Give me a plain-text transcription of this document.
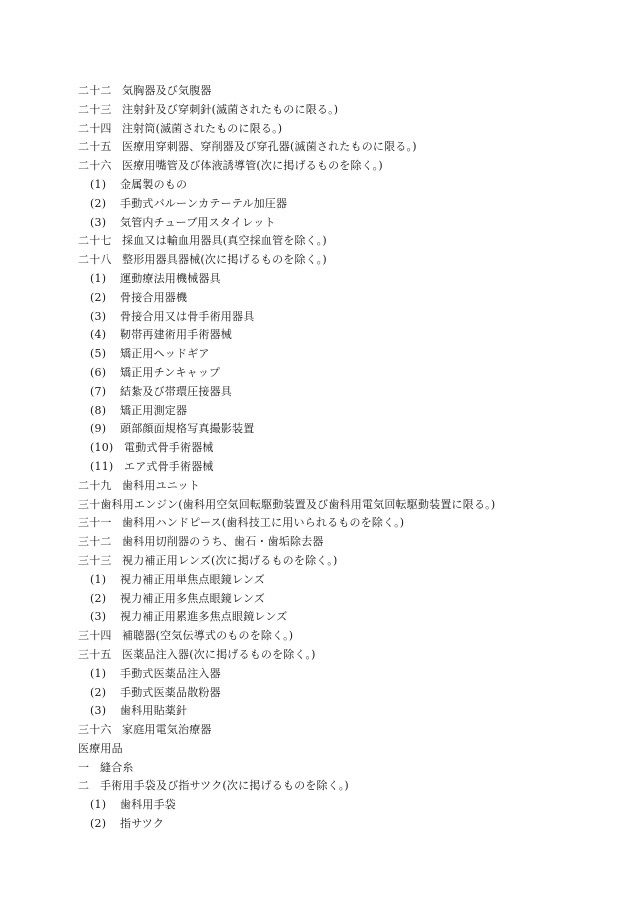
二十二 気胸器及び気腹器
二十三 注射針及び穿刺針(滅菌されたものに限る。)
二十四 注射筒(滅菌されたものに限る。)
二十五 医療用穿刺器、穿削器及び穿孔器(滅菌されたものに限る。)
二十六 医療用嘴管及び体液誘導管(次に掲げるものを除く。)
(1) 金属製のもの
(2) 手動式バルーンカテーテル加圧器
(3) 気管内チューブ用スタイレット
二十七 採血又は輸血用器具(真空採血管を除く。)
二十八 整形用器具器械(次に掲げるものを除く。)
(1) 運動療法用機械器具
(2) 骨接合用器機
(3) 骨接合用又は骨手術用器具
(4) 靭帯再建術用手術器械
(5) 矯正用ヘッドギア
(6) 矯正用チンキャップ
(7) 結紮及び帯環圧接器具
(8) 矯正用測定器
(9) 頭部顔面規格写真撮影装置
(10) 電動式骨手術器械
(11) エア式骨手術器械
二十九 歯科用ユニット
三十歯科用エンジン(歯科用空気回転駆動装置及び歯科用電気回転駆動装置に限る。)
三十一 歯科用ハンドピース(歯科技工に用いられるものを除く。)
三十二 歯科用切削器のうち、歯石・歯垢除去器
三十三 視力補正用レンズ(次に掲げるものを除く。)
(1) 視力補正用単焦点眼鏡レンズ
(2) 視力補正用多焦点眼鏡レンズ
(3) 視力補正用累進多焦点眼鏡レンズ
三十四 補聴器(空気伝導式のものを除く。)
三十五 医薬品注入器(次に掲げるものを除く。)
(1) 手動式医薬品注入器
(2) 手動式医薬品散粉器
(3) 歯科用貼薬針
三十六 家庭用電気治療器
医療用品
一 縫合糸
二 手術用手袋及び指サツク(次に掲げるものを除く。)
(1) 歯科用手袋
(2) 指サツク
